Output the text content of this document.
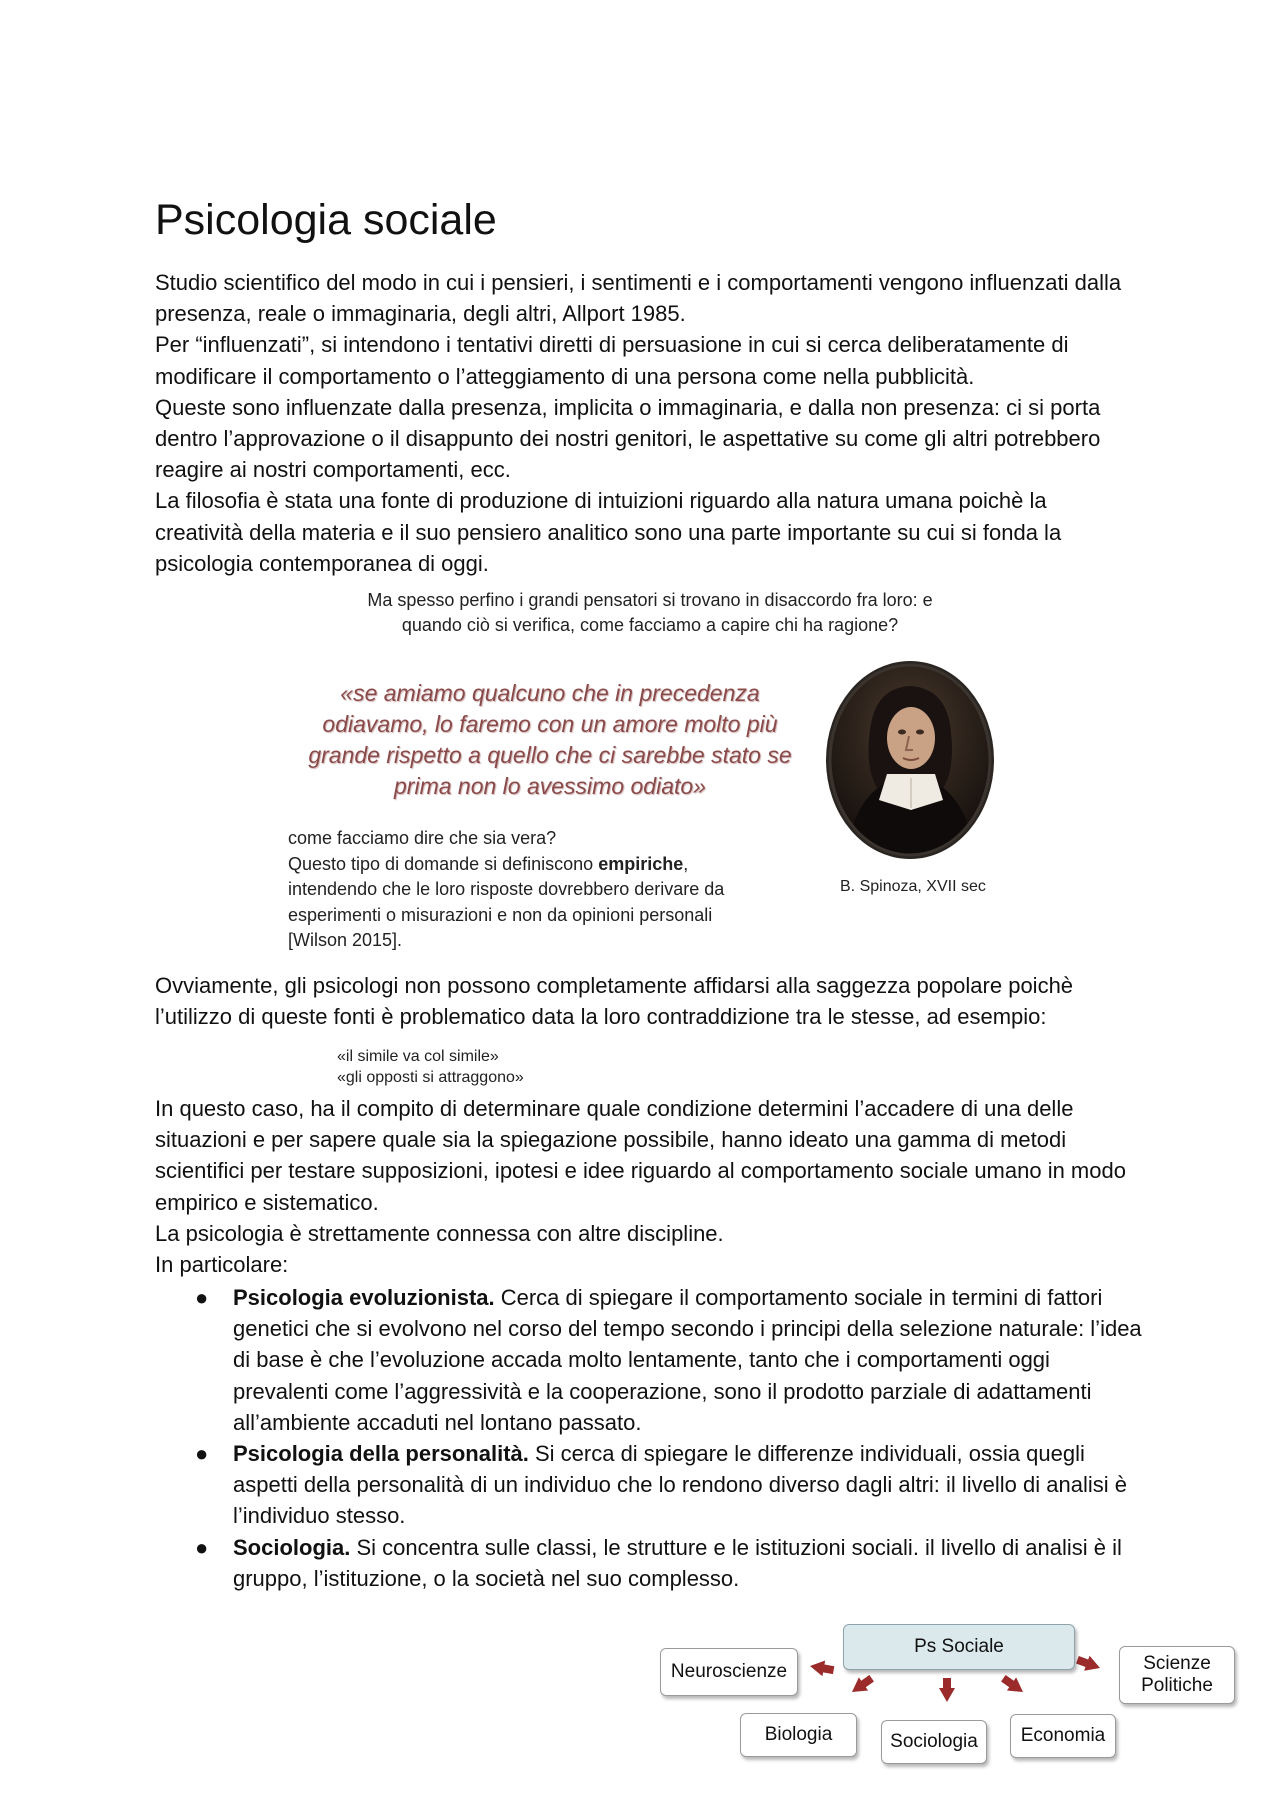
Psicologia sociale

Studio scientifico del modo in cui i pensieri, i sentimenti e i comportamenti vengono influenzati dalla presenza, reale o immaginaria, degli altri, Allport 1985.

Per “influenzati”, si intendono i tentativi diretti di persuasione in cui si cerca deliberatamente di modificare il comportamento o l’atteggiamento di una persona come nella pubblicità.

Queste sono influenzate dalla presenza, implicita o immaginaria, e dalla non presenza: ci si porta dentro l’approvazione o il disappunto dei nostri genitori, le aspettative su come gli altri potrebbero reagire ai nostri comportamenti, ecc.

La filosofia è stata una fonte di produzione di intuizioni riguardo alla natura umana poichè la creatività della materia e il suo pensiero analitico sono una parte importante su cui si fonda la psicologia contemporanea di oggi.

Ma spesso perfino i grandi pensatori si trovano in disaccordo fra loro: e
quando ciò si verifica, come facciamo a capire chi ha ragione?
«se amiamo qualcuno che in precedenza
odiavamo, lo faremo con un amore molto più
grande rispetto a quello che ci sarebbe stato se
prima non lo avessimo odiato»

come facciamo dire che sia vera?

Questo tipo di domande si definiscono empiriche,

intendendo che le loro risposte dovrebbero derivare da

esperimenti o misurazioni e non da opinioni personali

[Wilson 2015].

B. Spinoza, XVII sec

Ovviamente, gli psicologi non possono completamente affidarsi alla saggezza popolare poichè l’utilizzo di queste fonti è problematico data la loro contraddizione tra le stesse, ad esempio:

«il simile va col simile»
«gli opposti si attraggono»

In questo caso, ha il compito di determinare quale condizione determini l’accadere di una delle situazioni e per sapere quale sia la spiegazione possibile, hanno ideato una gamma di metodi scientifici per testare supposizioni, ipotesi e idee riguardo al comportamento sociale umano in modo empirico e sistematico.

La psicologia è strettamente connessa con altre discipline.

In particolare:

● Psicologia evoluzionista. Cerca di spiegare il comportamento sociale in termini di fattori genetici che si evolvono nel corso del tempo secondo i principi della selezione naturale: l’idea di base è che l’evoluzione accada molto lentamente, tanto che i comportamenti oggi prevalenti come l’aggressività e la cooperazione, sono il prodotto parziale di adattamenti all’ambiente accaduti nel lontano passato.
● Psicologia della personalità. Si cerca di spiegare le differenze individuali, ossia quegli aspetti della personalità di un individuo che lo rendono diverso dagli altri: il livello di analisi è l’individuo stesso.
● Sociologia. Si concentra sulle classi, le strutture e le istituzioni sociali. il livello di analisi è il gruppo, l’istituzione, o la società nel suo complesso.
Ps Sociale
Neuroscienze
Biologia	Sociologia Economia
Scienze
Politiche
